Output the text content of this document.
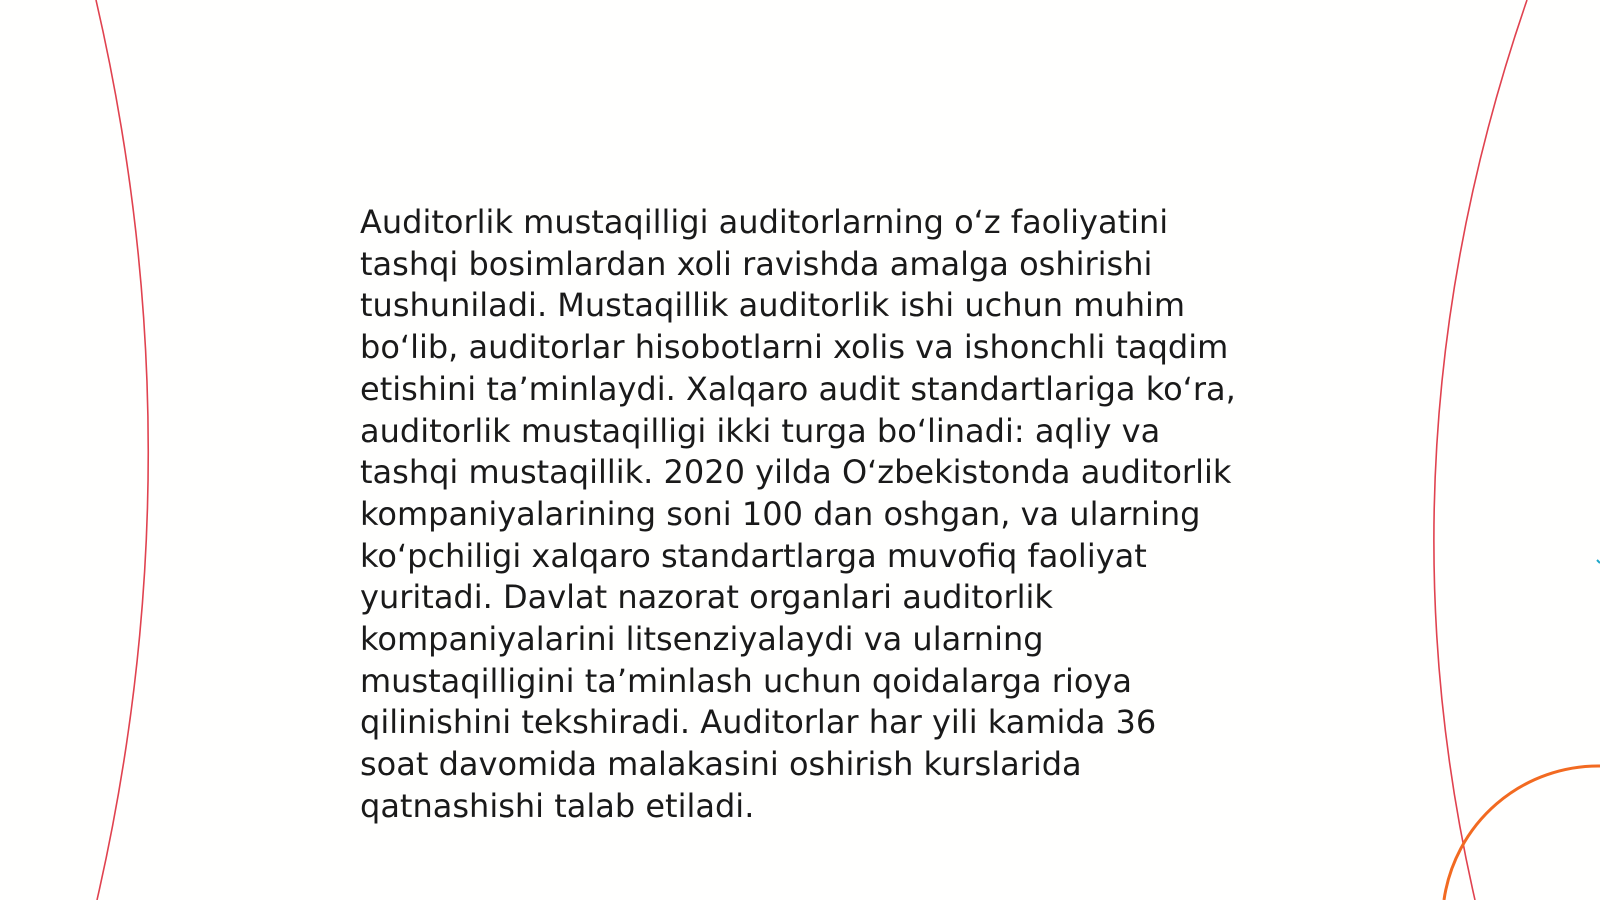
Auditorlik mustaqilligi auditorlarning o‘z faoliyatini
tashqi bosimlardan xoli ravishda amalga oshirishi
tushuniladi. Mustaqillik auditorlik ishi uchun muhim
bo‘lib, auditorlar hisobotlarni xolis va ishonchli taqdim
etishini ta’minlaydi. Xalqaro audit standartlariga ko‘ra,
auditorlik mustaqilligi ikki turga bo‘linadi: aqliy va
tashqi mustaqillik. 2020 yilda O‘zbekistonda auditorlik
kompaniyalarining soni 100 dan oshgan, va ularning
ko‘pchiligi xalqaro standartlarga muvofiq faoliyat
yuritadi. Davlat nazorat organlari auditorlik
kompaniyalarini litsenziyalaydi va ularning
mustaqilligini ta’minlash uchun qoidalarga rioya
qilinishini tekshiradi. Auditorlar har yili kamida 36
soat davomida malakasini oshirish kurslarida
qatnashishi talab etiladi.
